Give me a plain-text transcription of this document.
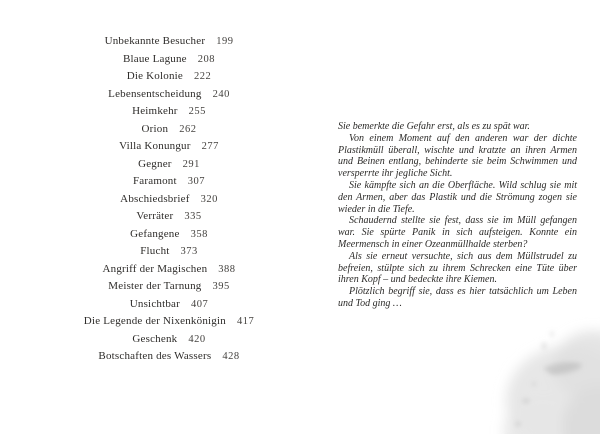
Unbekannte Besucher 199
Blaue Lagune 208
Die Kolonie 222
Lebensentscheidung 240
Heimkehr 255
Orion 262
Villa Konungur 277
Gegner 291
Faramont 307
Abschiedsbrief 320
Verräter 335
Gefangene 358
Flucht 373
Angriff der Magischen 388
Meister der Tarnung 395
Unsichtbar 407
Die Legende der Nixenkönigin 417
Geschenk 420
Botschaften des Wassers 428

Sie bemerkte die Gefahr erst, als es zu spät war.

Von einem Moment auf den anderen war der dichte Plastikmüll überall, wischte und kratzte an ihren Armen und Beinen entlang, behinderte sie beim Schwimmen und versperrte ihr jegliche Sicht.

Sie kämpfte sich an die Oberfläche. Wild schlug sie mit den Armen, aber das Plastik und die Strömung zogen sie wieder in die Tiefe.

Schaudernd stellte sie fest, dass sie im Müll gefangen war. Sie spürte Panik in sich aufsteigen. Konnte ein Meermensch in einer Ozeanmüllhalde sterben?

Als sie erneut versuchte, sich aus dem Müllstrudel zu befreien, stülpte sich zu ihrem Schrecken eine Tüte über ihren Kopf – und bedeckte ihre Kiemen.

Plötzlich begriff sie, dass es hier tatsächlich um Leben und Tod ging …
